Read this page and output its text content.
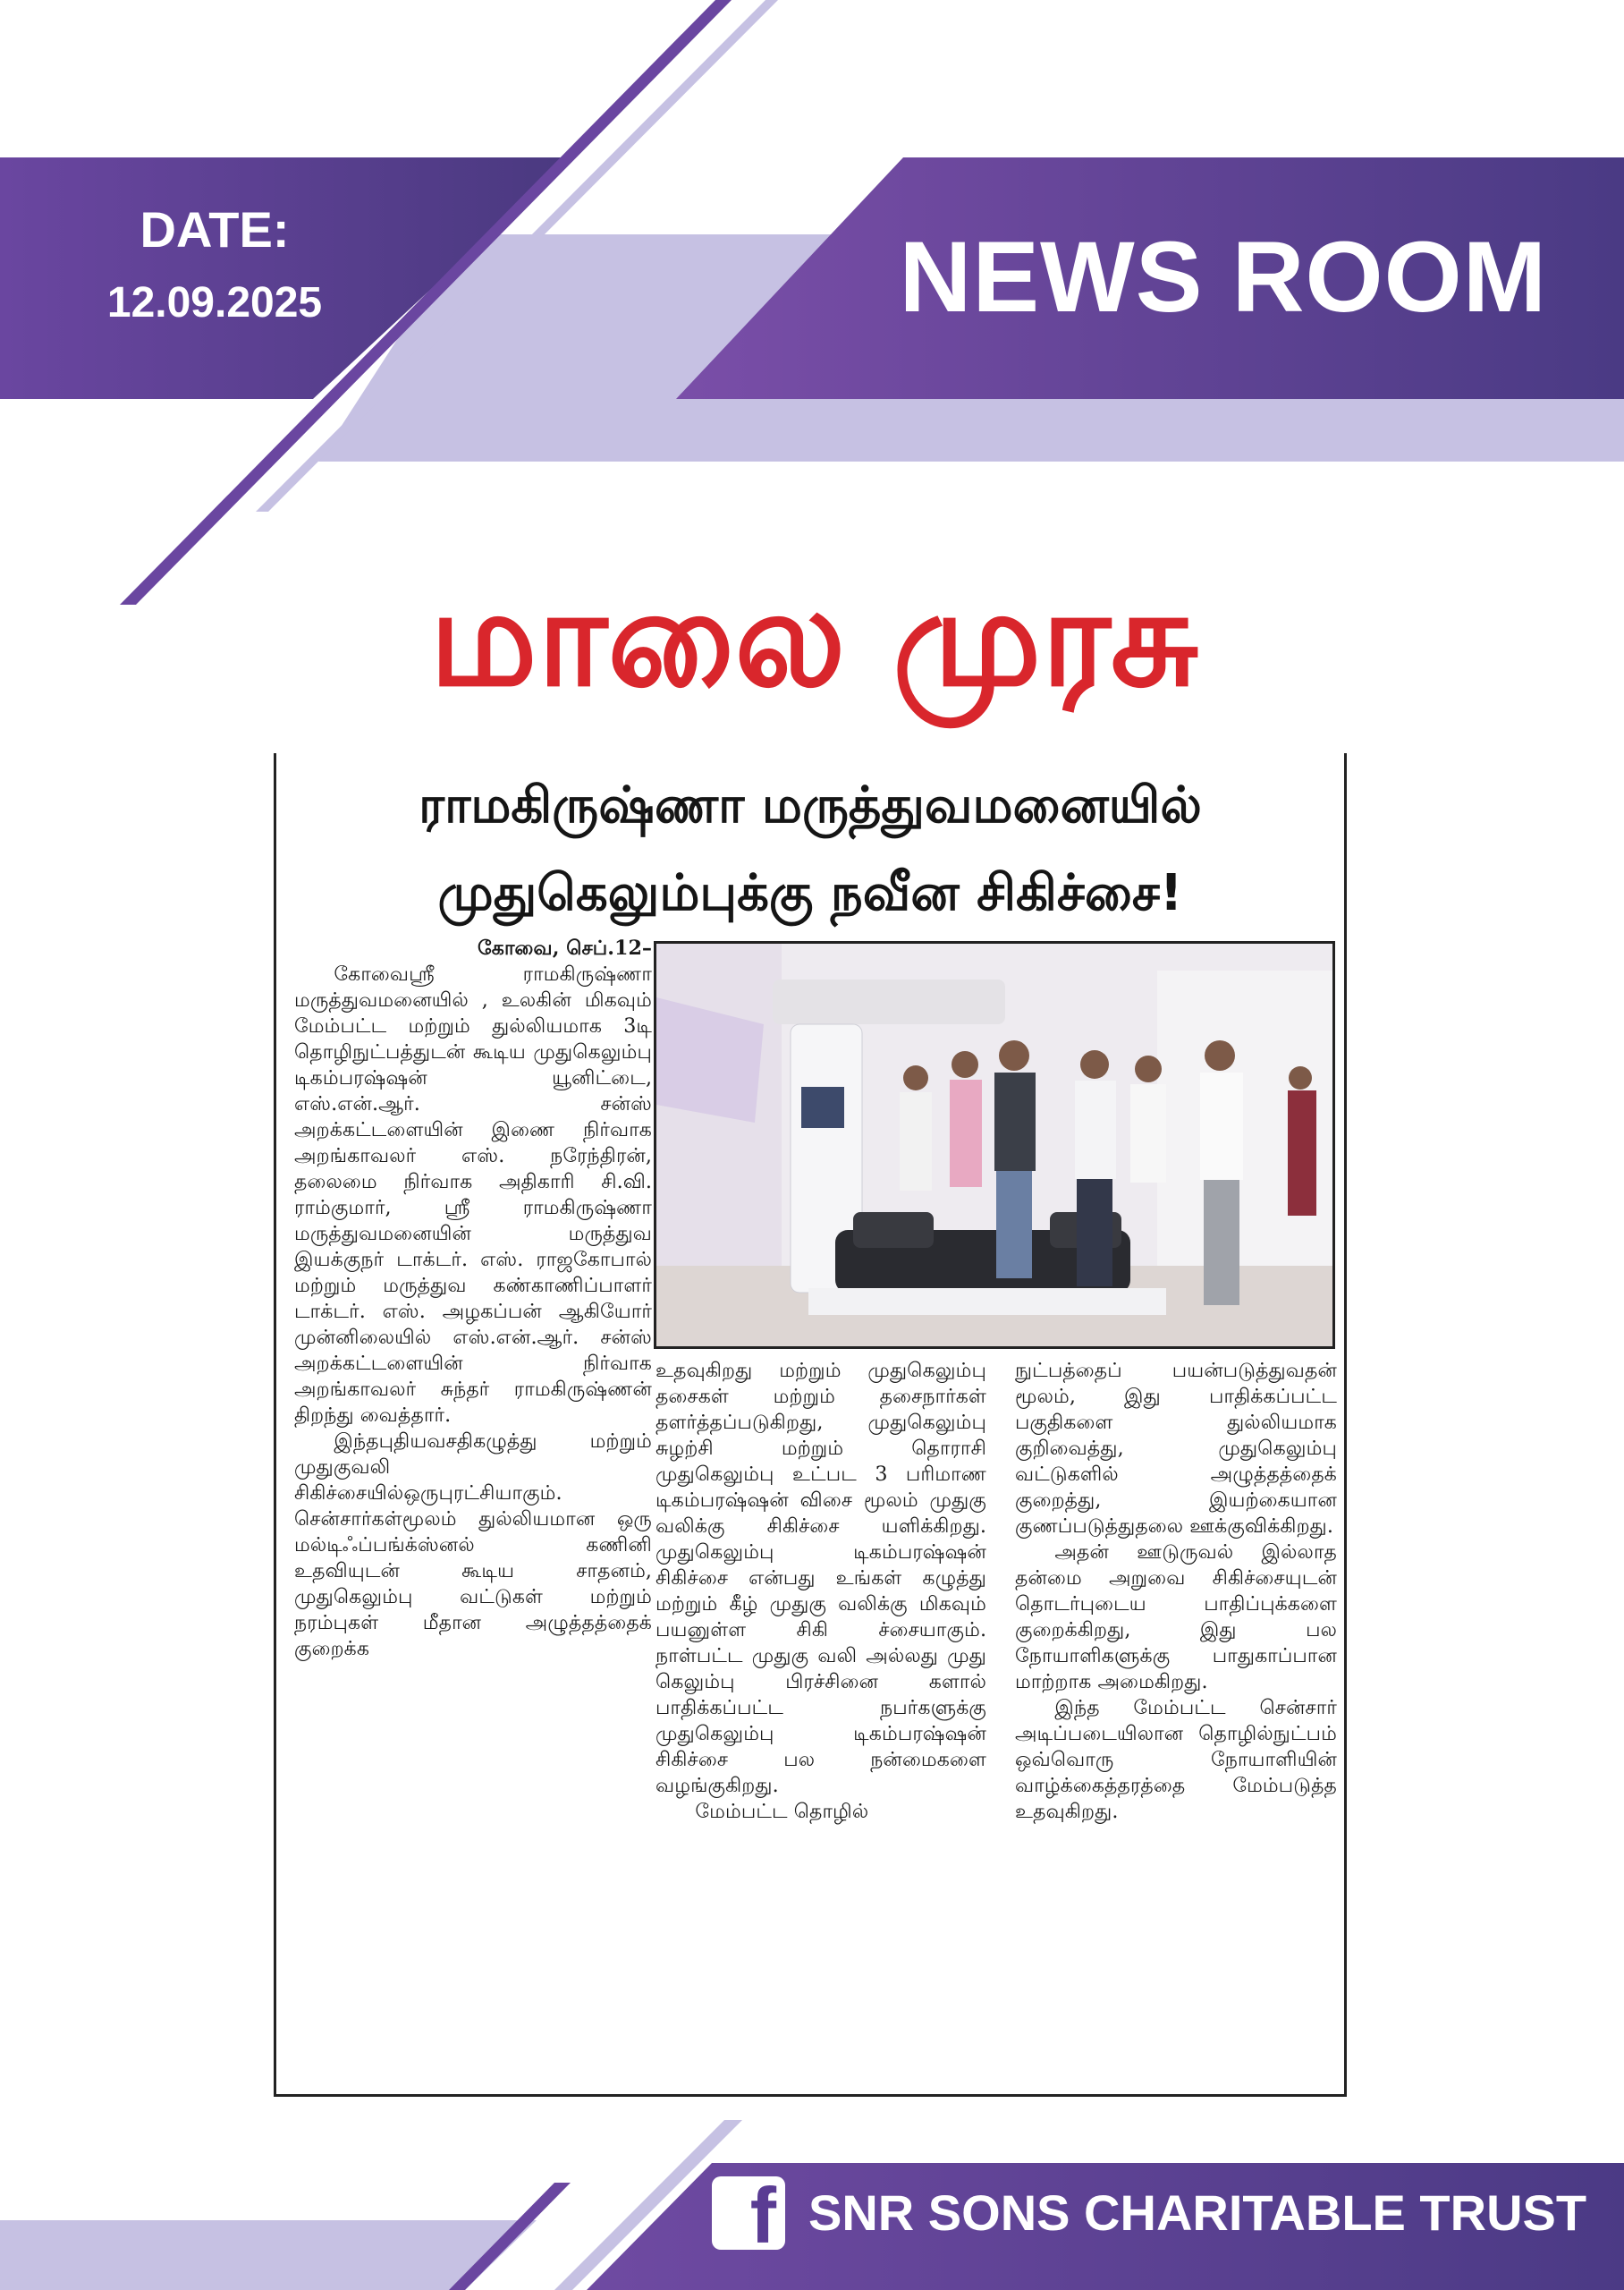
DATE:
12.09.2025	NEWS ROOM
மாலை முரசு
ராமகிருஷ்ணா மருத்துவமனையில்
முதுகெலும்புக்கு நவீன சிகிச்சை!

கோவை, செப்.12–

கோவைஸ்ரீ ராமகிருஷ்ணா மருத்துவமனையில் , உலகின் மிகவும் மேம்பட்ட மற்றும் துல்லியமாக 3டி தொழிநுட்பத்துடன் கூடிய முதுகெலும்பு டிகம்பரஷ்ஷன் யூனிட்டை, எஸ்.என்.ஆர். சன்ஸ் அறக்கட்டளையின் இணை நிர்வாக அறங்காவலர் எஸ். நரேந்திரன், தலைமை நிர்வாக அதிகாரி சி.வி. ராம்குமார், ஸ்ரீ ராமகிருஷ்ணா மருத்துவமனையின் மருத்துவ இயக்குநர் டாக்டர். எஸ். ராஜகோபால் மற்றும் மருத்துவ கண்காணிப்பாளர் டாக்டர். எஸ். அழகப்பன் ஆகியோர் முன்னிலையில் எஸ்.என்.ஆர். சன்ஸ் அறக்கட்டளையின் நிர்வாக அறங்காவலர் சுந்தர் ராமகிருஷ்ணன் திறந்து வைத்தார்.

இந்தபுதியவசதிகழுத்து மற்றும் முதுகுவலி சிகிச்சையில்ஒருபுரட்சியாகும். சென்சார்கள்மூலம் துல்லியமான ஒரு மல்டிஃப்பங்க்ஸ்னல் கணினி உதவியுடன் கூடிய சாதனம், முதுகெலும்பு வட்டுகள் மற்றும் நரம்புகள் மீதான அழுத்தத்தைக் குறைக்க

உதவுகிறது மற்றும் முதுகெலும்பு தசைகள் மற்றும் தசைநார்கள் தளர்த்தப்படுகிறது, முதுகெலும்பு சுழற்சி மற்றும் தொராசி முதுகெலும்பு உட்பட 3 பரிமாண டிகம்பரஷ்ஷன் விசை மூலம் முதுகு வலிக்கு சிகிச்சை யளிக்கிறது. முதுகெலும்பு டிகம்பரஷ்ஷன் சிகிச்சை என்பது உங்கள் கழுத்து மற்றும் கீழ் முதுகு வலிக்கு மிகவும் பயனுள்ள சிகி ச்சையாகும். நாள்பட்ட முதுகு வலி அல்லது முது கெலும்பு பிரச்சினை களால் பாதிக்கப்பட்ட நபர்களுக்கு முதுகெலும்பு டிகம்பரஷ்ஷன் சிகிச்சை பல நன்மைகளை வழங்குகிறது.

மேம்பட்ட தொழில்

நுட்பத்தைப் பயன்படுத்துவதன் மூலம், இது பாதிக்கப்பட்ட பகுதிகளை துல்லியமாக குறிவைத்து, முதுகெலும்பு வட்டுகளில் அழுத்தத்தைக் குறைத்து, இயற்கையான குணப்படுத்துதலை ஊக்குவிக்கிறது.

அதன் ஊடுருவல் இல்லாத தன்மை அறுவை சிகிச்சையுடன் தொடர்புடைய பாதிப்புக்களை குறைக்கிறது, இது பல நோயாளிகளுக்கு பாதுகாப்பான மாற்றாக அமைகிறது.

இந்த மேம்பட்ட சென்சார் அடிப்படையிலான தொழில்நுட்பம் ஒவ்வொரு நோயாளியின் வாழ்க்கைத்தரத்தை மேம்படுத்த உதவுகிறது.

f SNR SONS CHARITABLE TRUST
